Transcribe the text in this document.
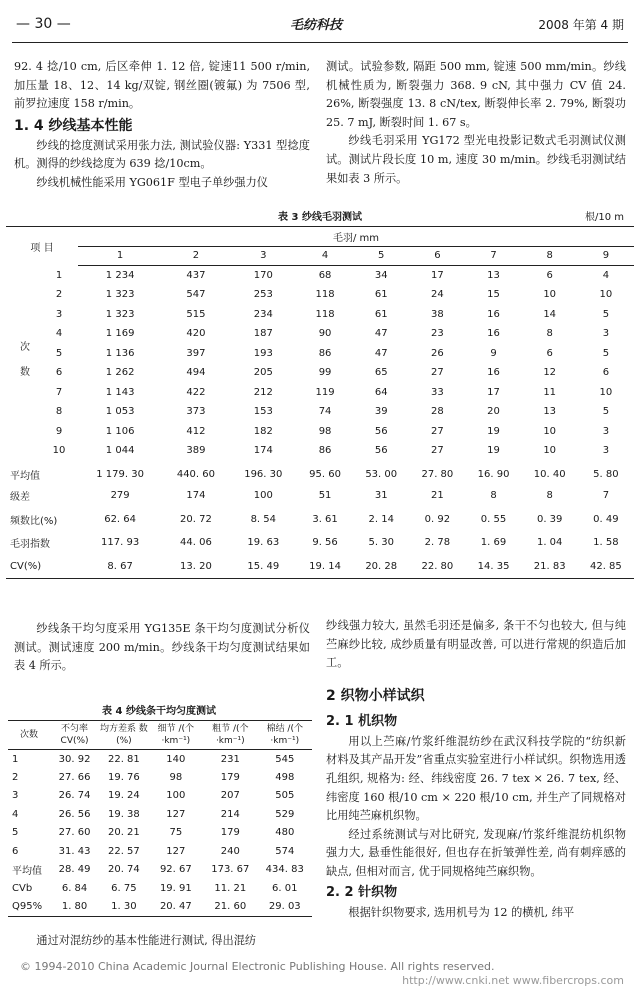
— 30 —	毛纺科技	2008 年第 4 期

92. 4 捻/10 cm, 后区牵伸 1. 12 倍, 锭速11 500 r/min, 加压量 18、12、14 kg/双锭, 钢丝圈(镀氟) 为 7506 型, 前罗拉速度 158 r/min。

1. 4 纱线基本性能

纱线的捻度测试采用张力法, 测试验仪器: Y331 型捻度机。测得的纱线捻度为 639 捻/10cm。

纱线机械性能采用 YG061F 型电子单纱强力仪

测试。试验参数, 隔距 500 mm, 锭速 500 mm/min。纱线机械性质为, 断裂强力 368. 9 cN, 其中强力 CV 值 24. 26%, 断裂强度 13. 8 cN/tex, 断裂伸长率 2. 79%, 断裂功 25. 7 mJ, 断裂时间 1. 67 s。

纱线毛羽采用 YG172 型光电投影记数式毛羽测试仪测试。测试片段长度 10 m, 速度 30 m/min。纱线毛羽测试结果如表 3 所示。

表 3 纱线毛羽测试	根/10 m
项 目		毛羽/ mm								
		1	2	3	4	5	6	7	8	9
次 数	1	1 234	437	170	68	34	17	13	6	4
	2	1 323	547	253	118	61	24	15	10	10
	3	1 323	515	234	118	61	38	16	14	5
	4	1 169	420	187	90	47	23	16	8	3
	5	1 136	397	193	86	47	26	9	6	5
	6	1 262	494	205	99	65	27	16	12	6
	7	1 143	422	212	119	64	33	17	11	10
	8	1 053	373	153	74	39	28	20	13	5
	9	1 106	412	182	98	56	27	19	10	3
	10	1 044	389	174	86	56	27	19	10	3
平均值		1 179. 30	440. 60	196. 30	95. 60	53. 00	27. 80	16. 90	10. 40	5. 80
级差		279	174	100	51	31	21	8	8	7
频数比(%)		62. 64	20. 72	8. 54	3. 61	2. 14	0. 92	0. 55	0. 39	0. 49
毛羽指数		117. 93	44. 06	19. 63	9. 56	5. 30	2. 78	1. 69	1. 04	1. 58
CV(%)		8. 67	13. 20	15. 49	19. 14	20. 28	22. 80	14. 35	21. 83	42. 85

纱线条干均匀度采用 YG135E 条干均匀度测试分析仪测试。测试速度 200 m/min。纱线条干均匀度测试结果如表 4 所示。

表 4 纱线条干均匀度测试
次数	不匀率 CV(%)	均方差系 数(%)	细节 /(个·km⁻¹)	粗节 /(个·km⁻¹)	棉结 /(个·km⁻¹)
1	30. 92	22. 81	140	231	545
2	27. 66	19. 76	98	179	498
3	26. 74	19. 24	100	207	505
4	26. 56	19. 38	127	214	529
5	27. 60	20. 21	75	179	480
6	31. 43	22. 57	127	240	574
平均值	28. 49	20. 74	92. 67	173. 67	434. 83
CVb	6. 84	6. 75	19. 91	11. 21	6. 01
Q95%	1. 80	1. 30	20. 47	21. 60	29. 03

通过对混纺纱的基本性能进行测试, 得出混纺

纱线强力较大, 虽然毛羽还是偏多, 条干不匀也较大, 但与纯苎麻纱比较, 成纱质量有明显改善, 可以进行常规的织造后加工。

2 织物小样试织

2. 1 机织物

用以上苎麻/竹浆纤维混纺纱在武汉科技学院的“纺织新材料及其产品开发”省重点实验室进行小样试织。织物选用透孔组织, 规格为: 经、纬线密度 26. 7 tex × 26. 7 tex, 经、纬密度 160 根/10 cm × 220 根/10 cm, 并生产了同规格对比用纯苎麻机织物。

经过系统测试与对比研究, 发现麻/竹浆纤维混纺机织物强力大, 悬垂性能很好, 但也存在折皱弹性差, 尚有刺痒感的缺点, 但相对而言, 优于同规格纯苎麻织物。

2. 2 针织物

根据针织物要求, 选用机号为 12 的横机, 纬平

© 1994-2010 China Academic Journal Electronic Publishing House. All rights reserved.
http://www.cnki.net www.fibercrops.com
